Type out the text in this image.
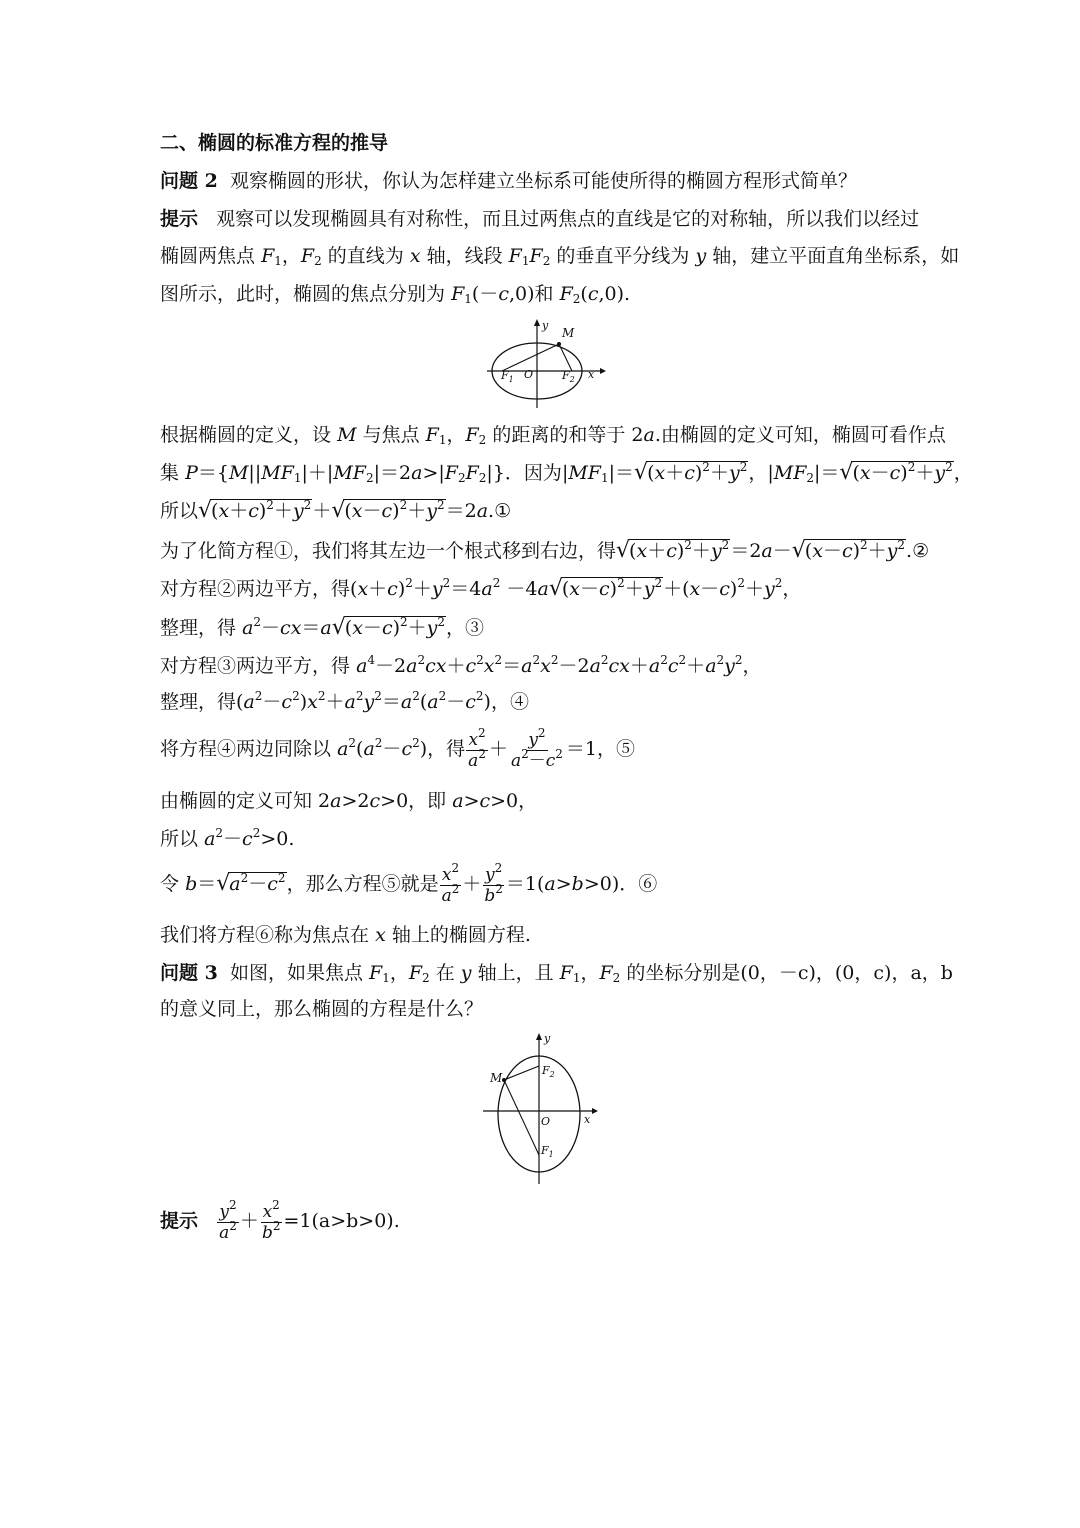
二、椭圆的标准方程的推导
问题 2 观察椭圆的形状，你认为怎样建立坐标系可能使所得的椭圆方程形式简单？
提示 观察可以发现椭圆具有对称性，而且过两焦点的直线是它的对称轴，所以我们以经过
椭圆两焦点 $F_1$，$F_2$ 的直线为 x 轴，线段 $F_1F_2$ 的垂直平分线为 y 轴，建立平面直角坐标系，如
图所示，此时，椭圆的焦点分别为 $F_1(-c,0)$和 $F_2(c,0)$.
y
M
$F_1$ O	$F_2$ x
根据椭圆的定义，设 M 与焦点 $F_1$，$F_2$ 的距离的和等于 2a.由椭圆的定义可知，椭圆可看作点
集 $P=\{M||MF_1|+|MF_2|=2a>|F_2F_2|\}$．因为$|MF_1|=√(x+c)^2+y^2$，$|MF_2|=√(x-c)^2+y^2$，
所以$√(x+c)^2+y^2+√(x-c)^2+y^2=2a.①$
为了化简方程①，我们将其左边一个根式移到右边，得$√(x+c)^2+y^2=2a-√(x-c)^2+y^2.②$
对方程②两边平方，得$(x+c)^2+y^2=4a^2 -4a√(x-c)^2+y^2+(x-c)^2+y^2$，
整理，得 $a^2-cx=a√(x-c)^2+y^2$，③
对方程③两边平方，得 $a^4-2a^2cx+c^2x^2=a^2x^2-2a^2cx+a^2c^2+a^2y^2$，
整理，得$(a^2-c^2)x^2+a^2y^2=a^2(a^2-c^2)$，④
将方程④两边同除以 $a^2(a^2-c^2)$，得 $\frac{x^2}{a^2} + \frac{y^2}{a^2-c^2} =1$，⑤
由椭圆的定义可知 2a>2c>0，即 a>c>0，
所以 $a^2-c^2>0$.
令 $b=√a^2-c^2$，那么方程⑤就是 $\frac{x^2}{a^2} + \frac{y^2}{b^2} =1(a>b>0)$．⑥
我们将方程⑥称为焦点在 x 轴上的椭圆方程.
问题 3 如图，如果焦点 $F_1$，$F_2$ 在 y 轴上，且 $F_1$，$F_2$ 的坐标分别是(0，－c)，(0，c)，a，b
的意义同上，那么椭圆的方程是什么？
y
M
$F_2$
O	x
$F_1$
提示 $\frac{y^2}{a^2} + \frac{x^2}{b^2} =1(a>b>0)$.
